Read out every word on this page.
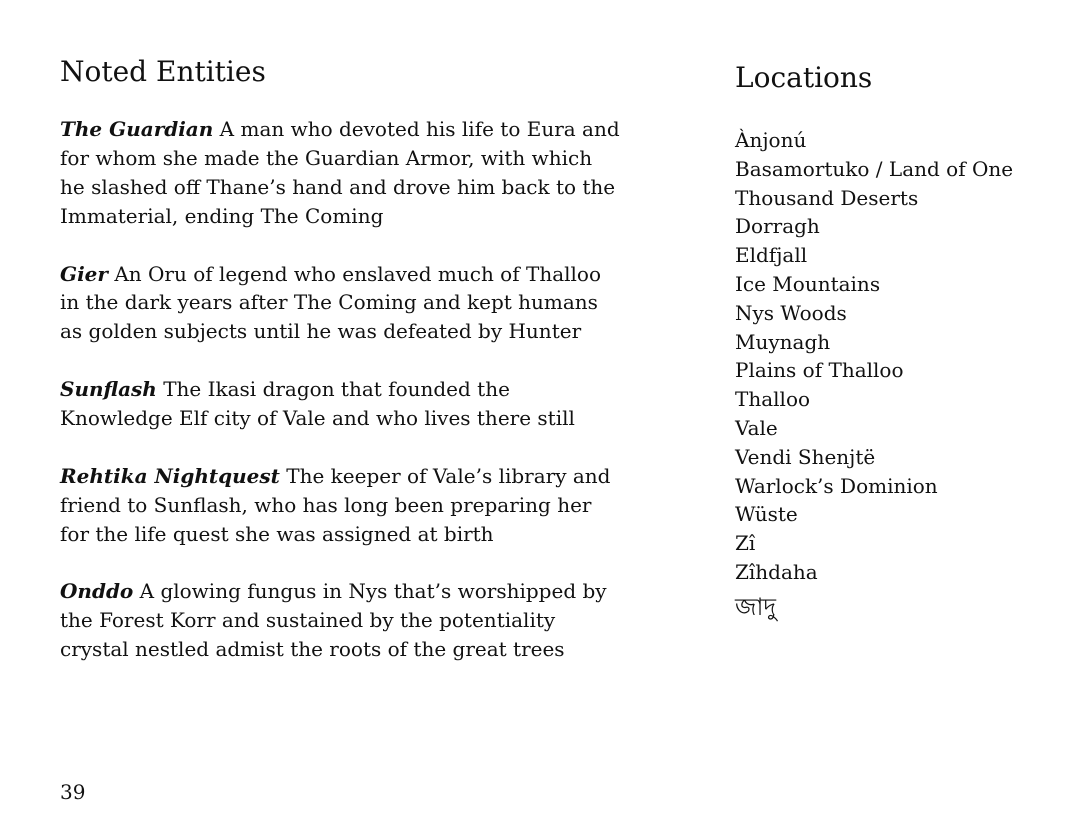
Noted Entities

The Guardian A man who devoted his life to Eura and for whom she made the Guardian Armor, with which he slashed off Thane’s hand and drove him back to the Immaterial, ending The Coming

Gier An Oru of legend who enslaved much of Thalloo in the dark years after The Coming and kept humans as golden subjects until he was defeated by Hunter

Sunflash The Ikasi dragon that founded the Knowledge Elf city of Vale and who lives there still

Rehtika Nightquest The keeper of Vale’s library and friend to Sunflash, who has long been preparing her for the life quest she was assigned at birth

Onddo A glowing fungus in Nys that’s worshipped by the Forest Korr and sustained by the potentiality crystal nestled admist the roots of the great trees

Locations
Ànjonú
Basamortuko / Land of One
Thousand Deserts
Dorragh
Eldfjall
Ice Mountains
Nys Woods
Muynagh
Plains of Thalloo
Thalloo
Vale
Vendi Shenjtë
Warlock’s Dominion
Wüste
Zî
Zîhdaha
জাদু
39
